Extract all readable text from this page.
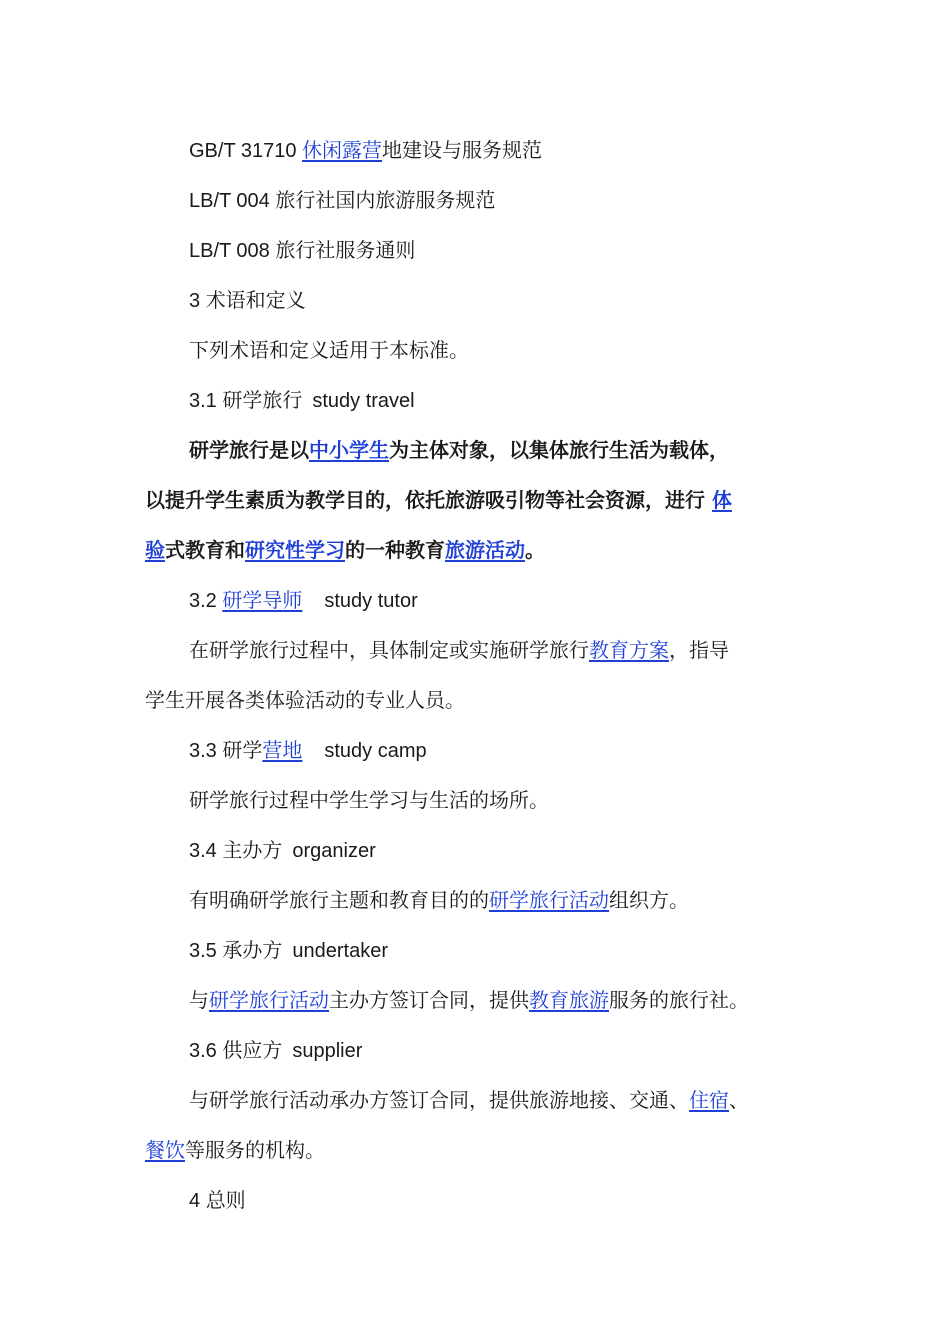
GB/T 31710 休闲露营地建设与服务规范
LB/T 004 旅行社国内旅游服务规范
LB/T 008 旅行社服务通则
3 术语和定义
下列术语和定义适用于本标准。
3.1 研学旅行 study travel
研学旅行是以中小学生为主体对象，以集体旅行生活为载体，
以提升学生素质为教学目的，依托旅游吸引物等社会资源，进行 体
验式教育和研究性学习的一种教育旅游活动。
3.2 研学导师 study tutor
在研学旅行过程中，具体制定或实施研学旅行教育方案，指导
学生开展各类体验活动的专业人员。
3.3 研学营地 study camp
研学旅行过程中学生学习与生活的场所。
3.4 主办方 organizer
有明确研学旅行主题和教育目的的研学旅行活动组织方。
3.5 承办方 undertaker
与研学旅行活动主办方签订合同，提供教育旅游服务的旅行社。
3.6 供应方 supplier
与研学旅行活动承办方签订合同，提供旅游地接、交通、住宿、
餐饮等服务的机构。
4 总则
